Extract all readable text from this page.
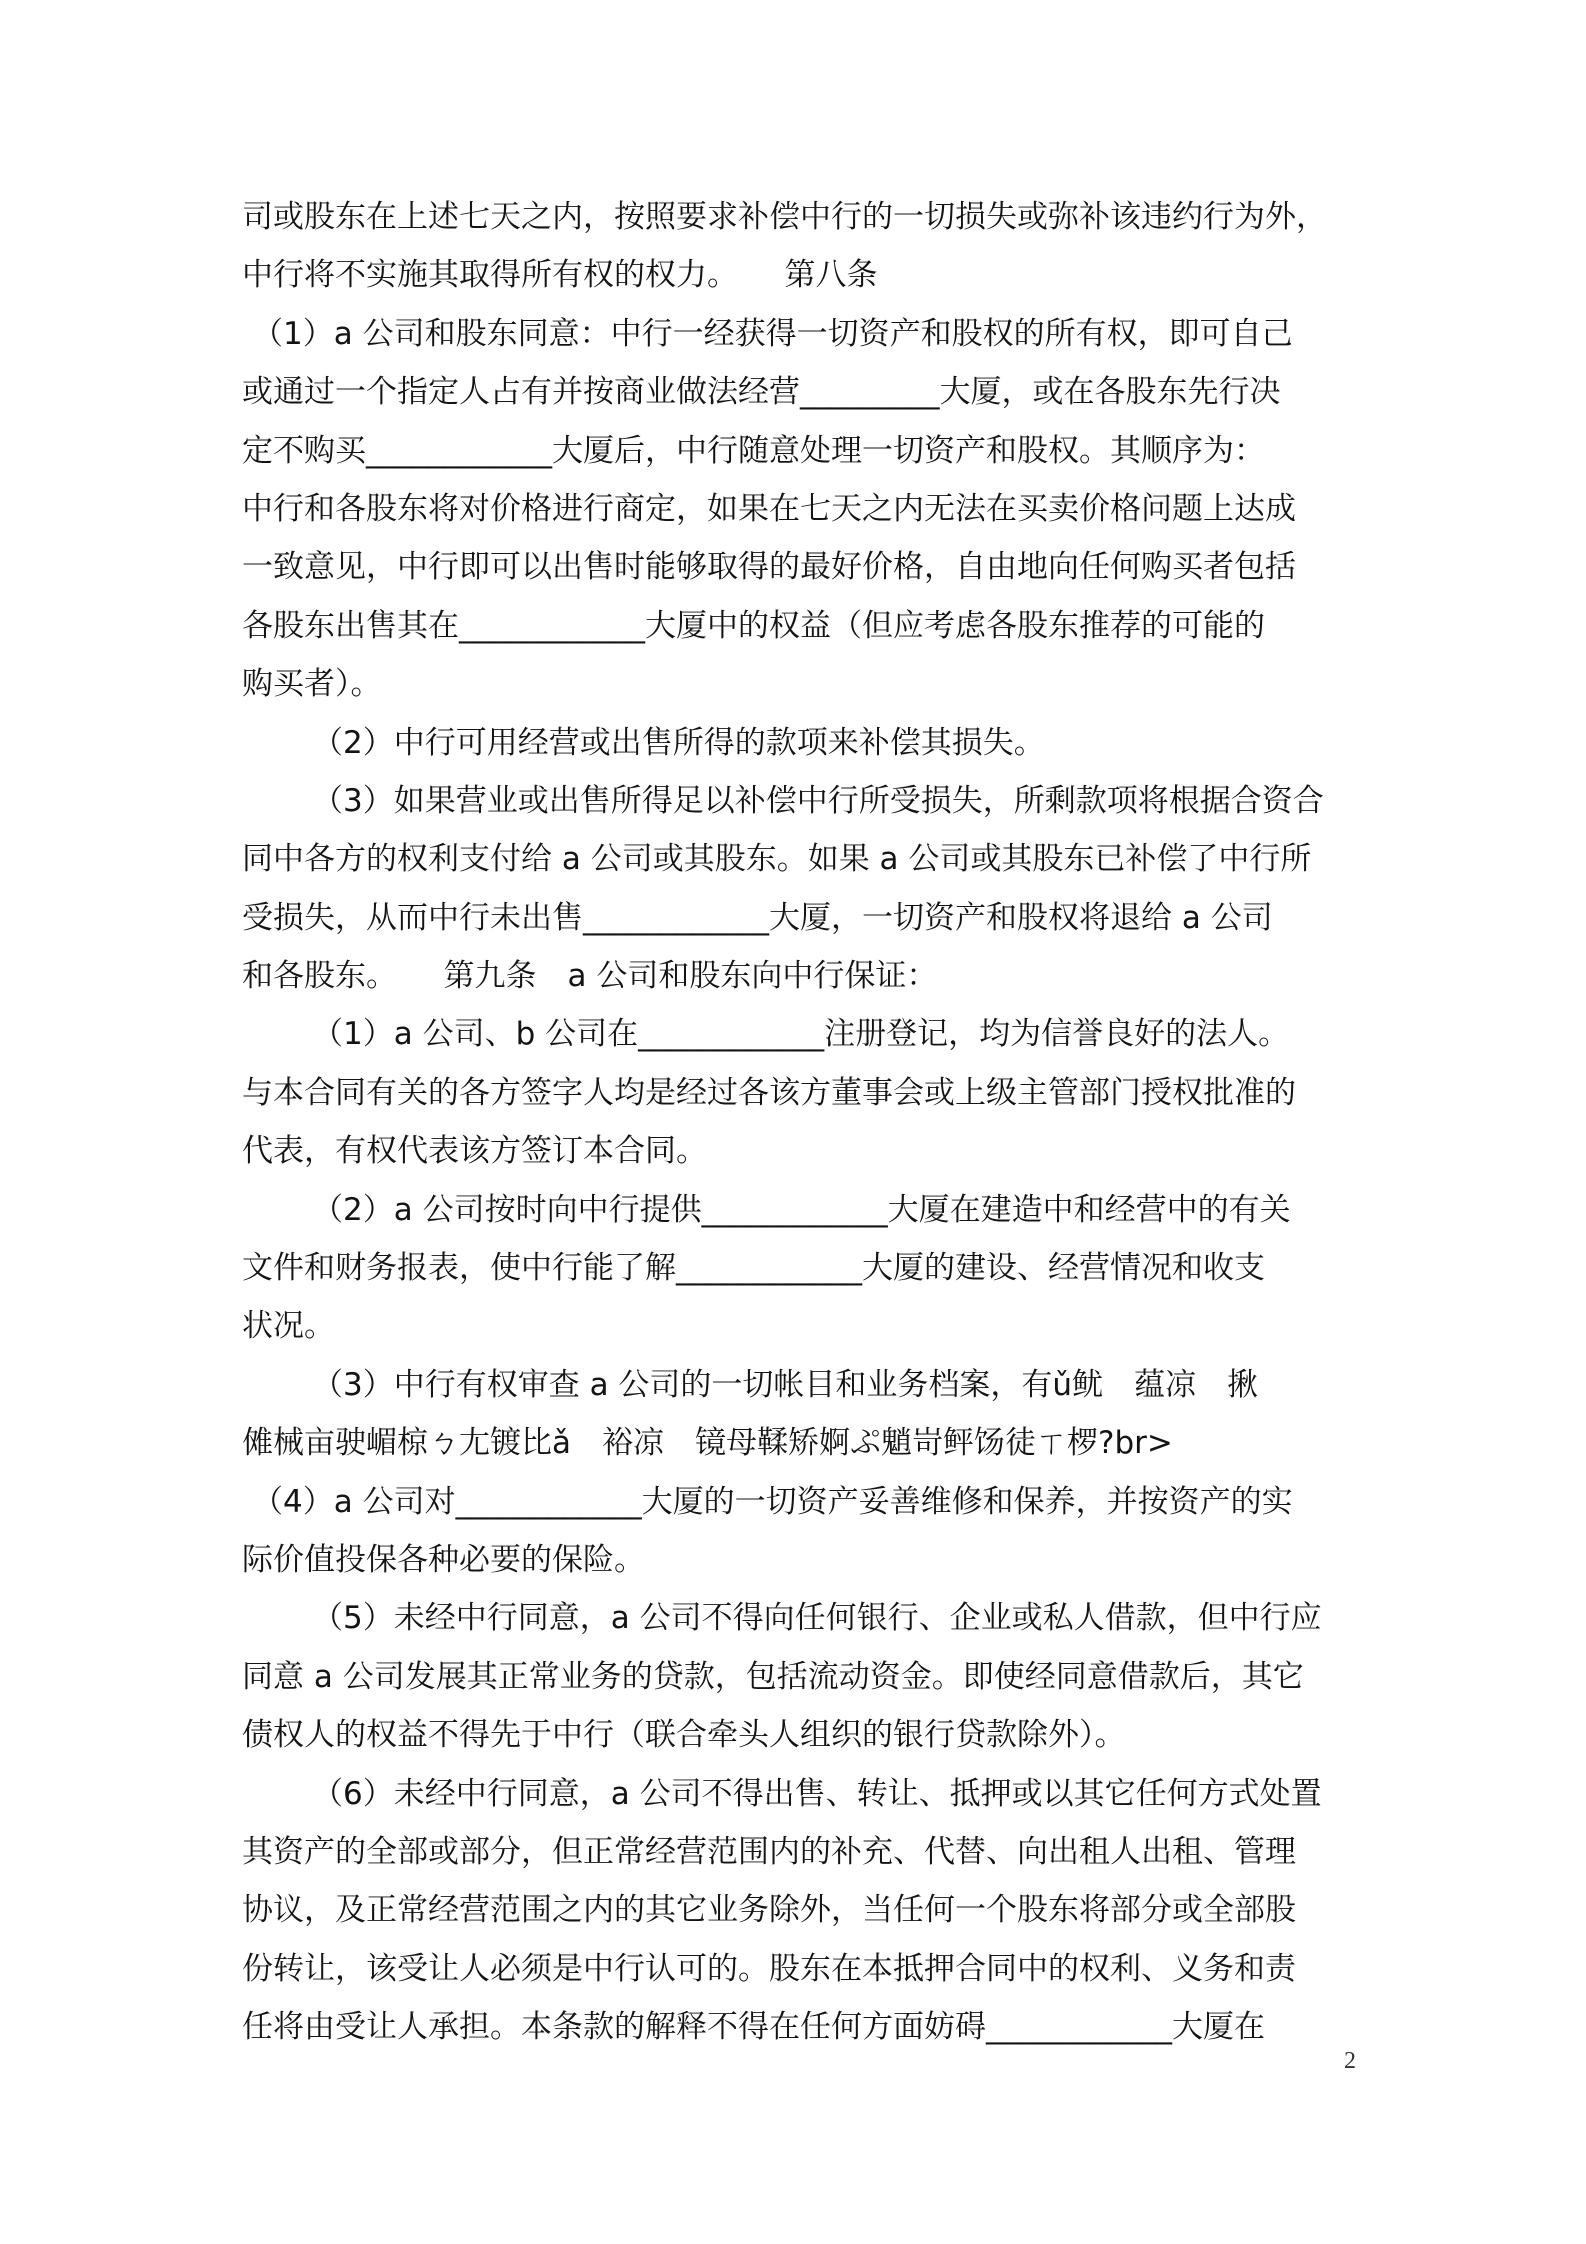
司或股东在上述七天之内，按照要求补偿中行的一切损失或弥补该违约行为外，
中行将不实施其取得所有权的权力。　　第八条
（1）a 公司和股东同意：中行一经获得一切资产和股权的所有权，即可自己
或通过一个指定人占有并按商业做法经营_________大厦，或在各股东先行决
定不购买____________大厦后，中行随意处理一切资产和股权。其顺序为：
中行和各股东将对价格进行商定，如果在七天之内无法在买卖价格问题上达成
一致意见，中行即可以出售时能够取得的最好价格，自由地向任何购买者包括
各股东出售其在____________大厦中的权益（但应考虑各股东推荐的可能的
购买者）。
（2）中行可用经营或出售所得的款项来补偿其损失。
（3）如果营业或出售所得足以补偿中行所受损失，所剩款项将根据合资合
同中各方的权利支付给 a 公司或其股东。如果 a 公司或其股东已补偿了中行所
受损失，从而中行未出售____________大厦，一切资产和股权将退给 a 公司
和各股东。　　第九条　a 公司和股东向中行保证：
（1）a 公司、b 公司在____________注册登记，均为信誉良好的法人。
与本合同有关的各方签字人均是经过各该方董事会或上级主管部门授权批准的
代表，有权代表该方签订本合同。
（2）a 公司按时向中行提供____________大厦在建造中和经营中的有关
文件和财务报表，使中行能了解____________大厦的建设、经营情况和收支
状况。
（3）中行有权审查 a 公司的一切帐目和业务档案，有ǔ鱿　蕴凉　揪
傩械亩驶嵋椋ㄅ尢镀比ǎ　裕凉　镜母鞣矫婀ぷ魈岢鲆饧徒ㄒ椤?br>
（4）a 公司对____________大厦的一切资产妥善维修和保养，并按资产的实
际价值投保各种必要的保险。
（5）未经中行同意，a 公司不得向任何银行、企业或私人借款，但中行应
同意 a 公司发展其正常业务的贷款，包括流动资金。即使经同意借款后，其它
债权人的权益不得先于中行（联合牵头人组织的银行贷款除外）。
（6）未经中行同意，a 公司不得出售、转让、抵押或以其它任何方式处置
其资产的全部或部分，但正常经营范围内的补充、代替、向出租人出租、管理
协议，及正常经营范围之内的其它业务除外，当任何一个股东将部分或全部股
份转让，该受让人必须是中行认可的。股东在本抵押合同中的权利、义务和责
任将由受让人承担。本条款的解释不得在任何方面妨碍____________大厦在
2
